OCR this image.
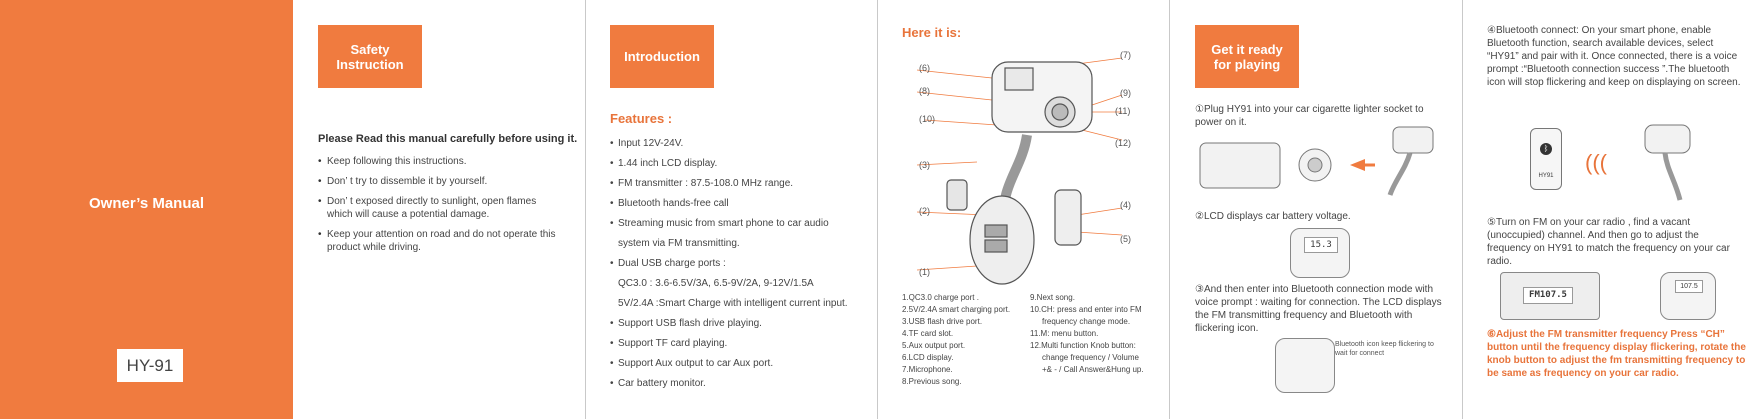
Owner’s Manual
HY-91
Safety Instruction
Please Read this manual carefully before using it.
• Keep following this instructions.
• Don’ t try to dissemble it by yourself.
• Don’ t exposed directly to sunlight, open flames which will cause a potential damage.
• Keep your attention on road and do not operate this product while driving.
Introduction
Features :
• Input 12V-24V.
• 1.44 inch LCD display.
• FM transmitter : 87.5-108.0 MHz range.
• Bluetooth hands-free call
• Streaming music from smart phone to car audio
system via FM transmitting.
• Dual USB charge ports :
QC3.0 : 3.6-6.5V/3A, 6.5-9V/2A, 9-12V/1.5A
5V/2.4A :Smart Charge with intelligent current input.
• Support USB flash drive playing.
• Support TF card playing.
• Support Aux output to car Aux port.
• Car battery monitor.
Here it is:
(6)
(8)
(10)
(3)
(2)
(1)
(7)
(9)
(11)
(12)
(4)
(5)
1.QC3.0 charge port .
2.5V/2.4A smart charging port.
3.USB flash drive port.
4.TF card slot.
5.Aux output port.
6.LCD display.
7.Microphone.
8.Previous song.
9.Next song.
10.CH: press and enter into FM
frequency change mode.
11.M: menu button.
12.Multi function Knob button:
change frequency / Volume
+& - / Call Answer&Hung up.
Get it ready for playing
①Plug HY91 into your car cigarette lighter socket to power on it.
②LCD displays car battery voltage.
15.3
③And then enter into Bluetooth connection mode with voice prompt : waiting for connection. The LCD displays the FM transmitting frequency and Bluetooth with flickering icon.
Bluetooth icon keep flickering to wait for connect
④Bluetooth connect: On your smart phone, enable Bluetooth function, search available devices, select “HY91” and pair with it. Once connected, there is a voice prompt :“Bluetooth connection success ”.The bluetooth icon will stop flickering and keep on displaying on screen.
ᛒ
HY91
(((
⑤Turn on FM on your car radio , find a vacant (unoccupied) channel. And then go to adjust the frequency on HY91 to match the frequency on your car radio.
FM107.5
107.5
⑥Adjust the FM transmitter frequency Press “CH” button until the frequency display flickering, rotate the knob button to adjust the fm transmitting frequency to be same as frequency on your car radio.
